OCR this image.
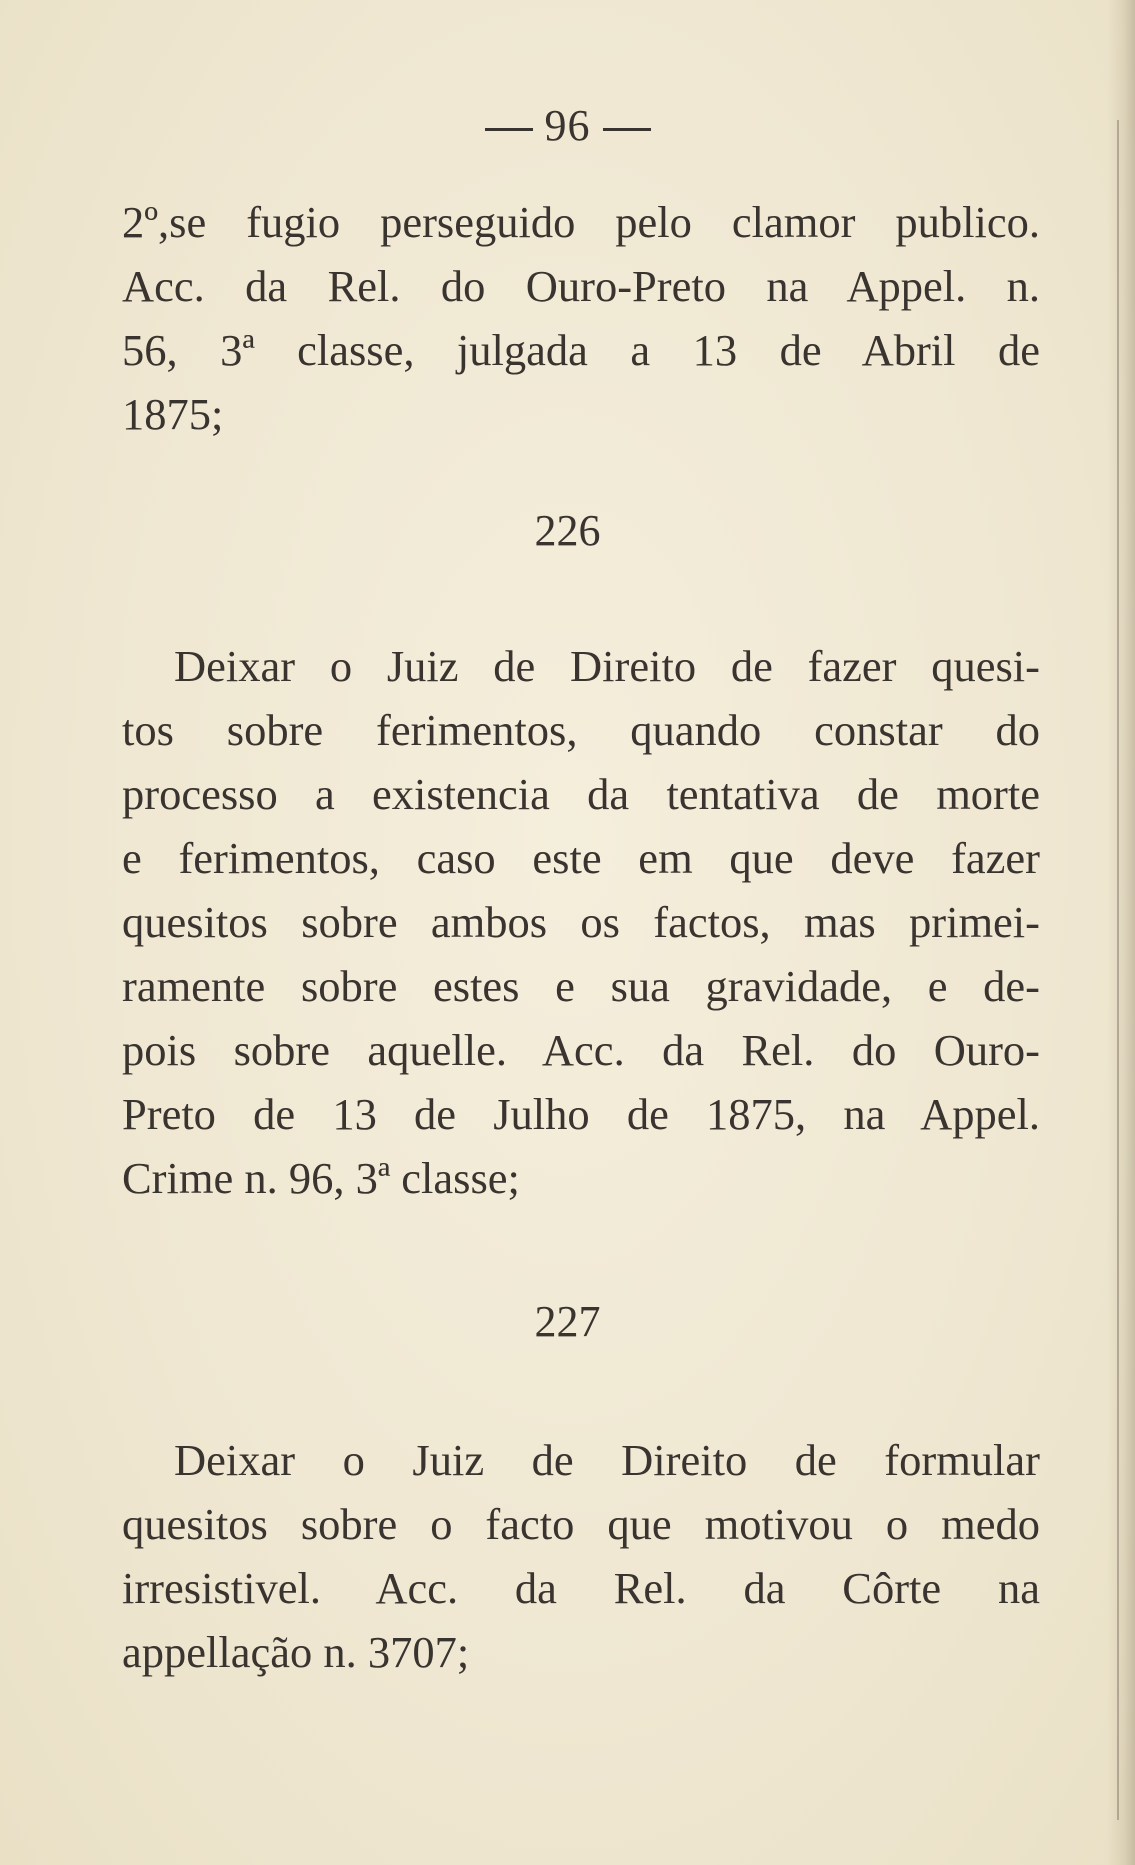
96
2º,se fugio perseguido pelo clamor publico.
Acc. da Rel. do Ouro-Preto na Appel. n.
56, 3ª classe, julgada a 13 de Abril de
1875;
226
Deixar o Juiz de Direito de fazer quesi-
tos sobre ferimentos, quando constar do
processo a existencia da tentativa de morte
e ferimentos, caso este em que deve fazer
quesitos sobre ambos os factos, mas primei-
ramente sobre estes e sua gravidade, e de-
pois sobre aquelle. Acc. da Rel. do Ouro-
Preto de 13 de Julho de 1875, na Appel.
Crime n. 96, 3ª classe;
227
Deixar o Juiz de Direito de formular
quesitos sobre o facto que motivou o medo
irresistivel. Acc. da Rel. da Côrte na
appellação n. 3707;
